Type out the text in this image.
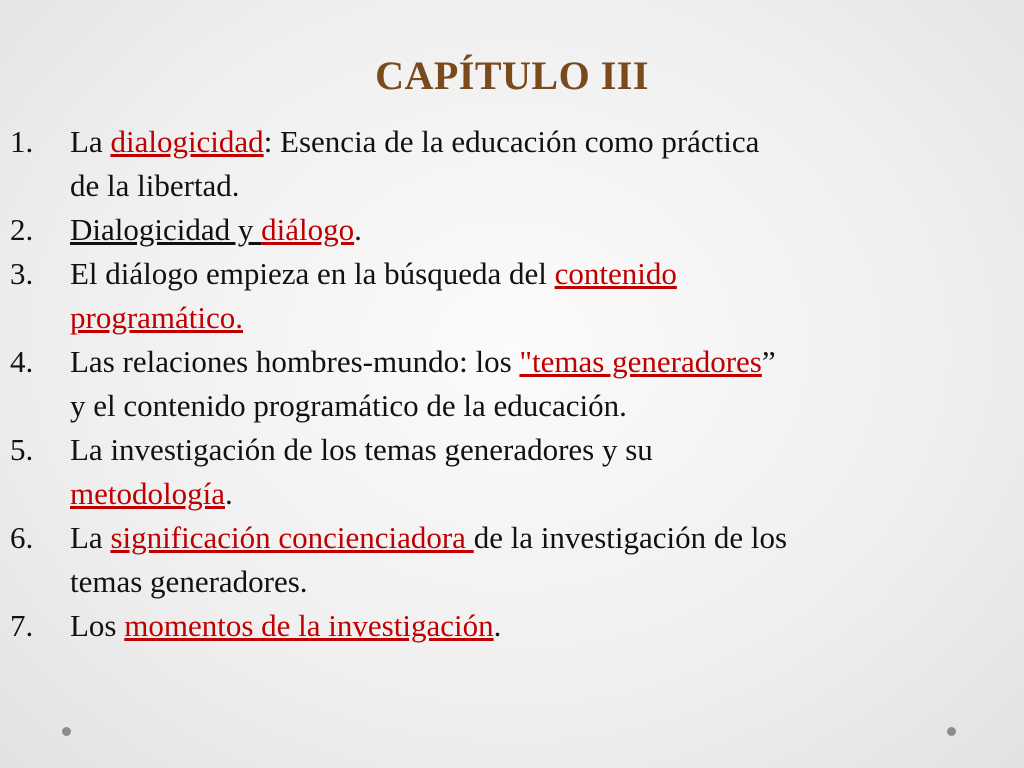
CAPÍTULO III
1. La dialogicidad: Esencia de la educación como práctica
de la libertad.
2. Dialogicidad y diálogo.
3. El diálogo empieza en la búsqueda del contenido
programático.
4. Las relaciones hombres-mundo: los "temas generadores”
y el contenido programático de la educación.
5. La investigación de los temas generadores y su
metodología.
6. La significación concienciadora de la investigación de los
temas generadores.
7. Los momentos de la investigación.
